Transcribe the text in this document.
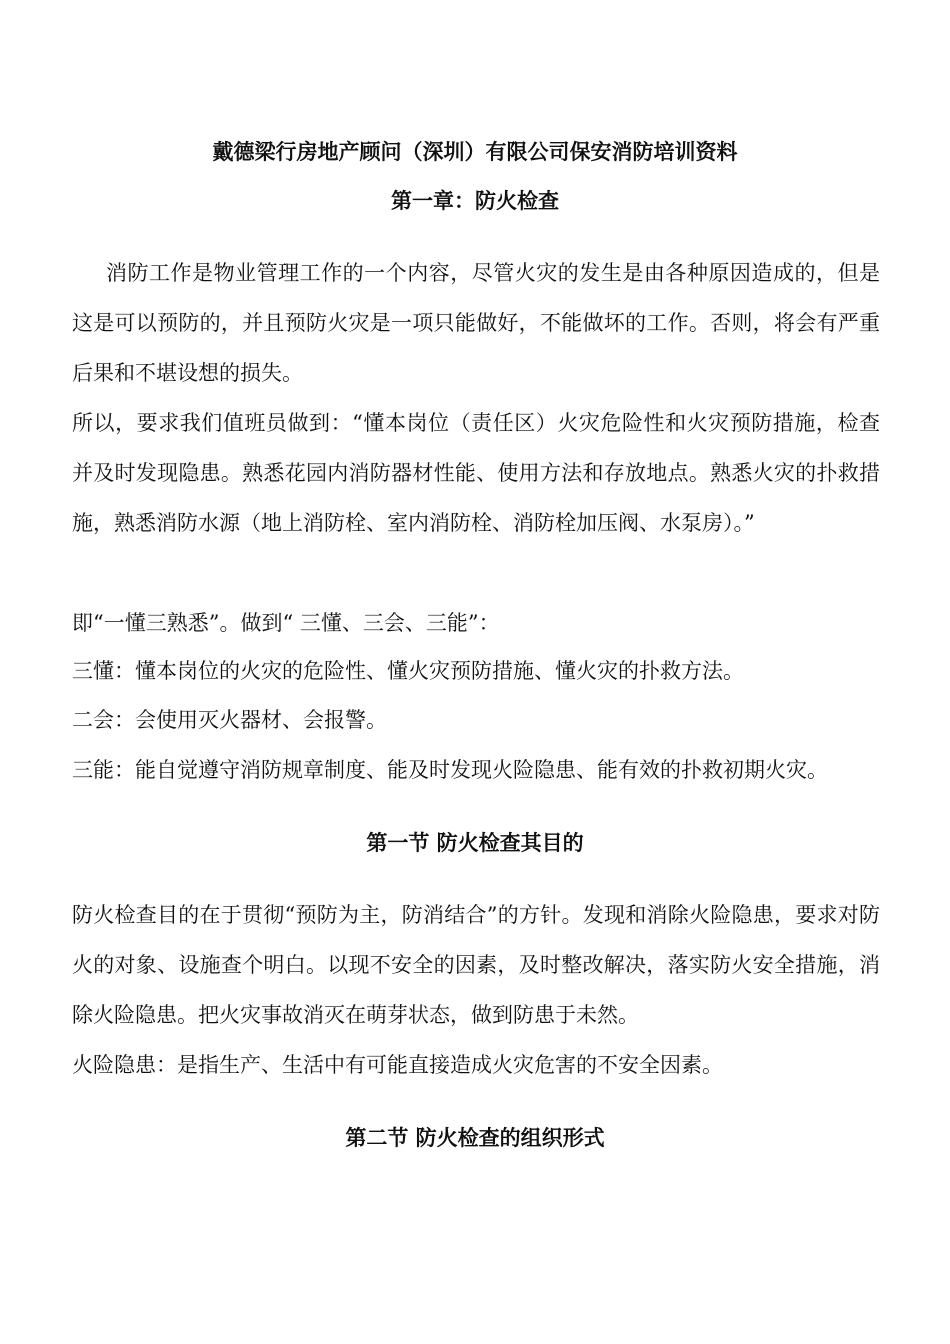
戴德梁行房地产顾问（深圳）有限公司保安消防培训资料
第一章：防火检查

消防工作是物业管理工作的一个内容，尽管火灾的发生是由各种原因造成的，但是这是可以预防的，并且预防火灾是一项只能做好，不能做坏的工作。否则，将会有严重后果和不堪设想的损失。

所以，要求我们值班员做到：“懂本岗位（责任区）火灾危险性和火灾预防措施，检查并及时发现隐患。熟悉花园内消防器材性能、使用方法和存放地点。熟悉火灾的扑救措施，熟悉消防水源（地上消防栓、室内消防栓、消防栓加压阀、水泵房）。”

即“一懂三熟悉”。做到“ 三懂、三会、三能”：

三懂：懂本岗位的火灾的危险性、懂火灾预防措施、懂火灾的扑救方法。

二会：会使用灭火器材、会报警。

三能：能自觉遵守消防规章制度、能及时发现火险隐患、能有效的扑救初期火灾。

第一节 防火检查其目的

防火检查目的在于贯彻“预防为主，防消结合”的方针。发现和消除火险隐患，要求对防火的对象、设施查个明白。以现不安全的因素，及时整改解决，落实防火安全措施，消除火险隐患。把火灾事故消灭在萌芽状态，做到防患于未然。

火险隐患：是指生产、生活中有可能直接造成火灾危害的不安全因素。

第二节 防火检查的组织形式
